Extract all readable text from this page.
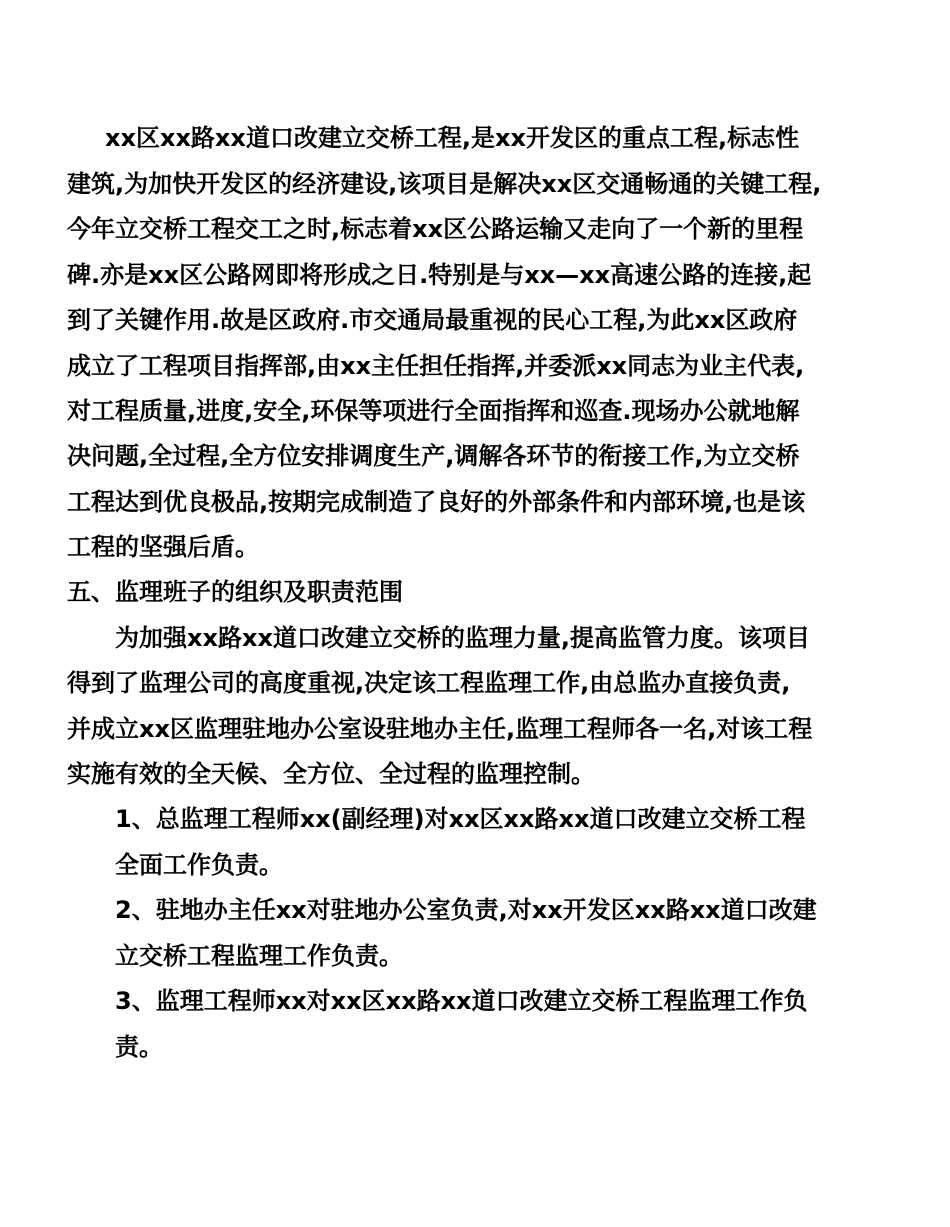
xx区xx路xx道口改建立交桥工程,是xx开发区的重点工程,标志性
建筑,为加快开发区的经济建设,该项目是解决xx区交通畅通的关键工程,
今年立交桥工程交工之时,标志着xx区公路运输又走向了一个新的里程
碑.亦是xx区公路网即将形成之日.特别是与xx—xx高速公路的连接,起
到了关键作用.故是区政府.市交通局最重视的民心工程,为此xx区政府
成立了工程项目指挥部,由xx主任担任指挥,并委派xx同志为业主代表,
对工程质量,进度,安全,环保等项进行全面指挥和巡查.现场办公就地解
决问题,全过程,全方位安排调度生产,调解各环节的衔接工作,为立交桥
工程达到优良极品,按期完成制造了良好的外部条件和内部环境,也是该
工程的坚强后盾。
五、监理班子的组织及职责范围
为加强xx路xx道口改建立交桥的监理力量,提高监管力度。该项目
得到了监理公司的高度重视,决定该工程监理工作,由总监办直接负责,
并成立xx区监理驻地办公室设驻地办主任,监理工程师各一名,对该工程
实施有效的全天候、全方位、全过程的监理控制。
1、总监理工程师xx(副经理)对xx区xx路xx道口改建立交桥工程
全面工作负责。
2、驻地办主任xx对驻地办公室负责,对xx开发区xx路xx道口改建
立交桥工程监理工作负责。
3、监理工程师xx对xx区xx路xx道口改建立交桥工程监理工作负
责。
